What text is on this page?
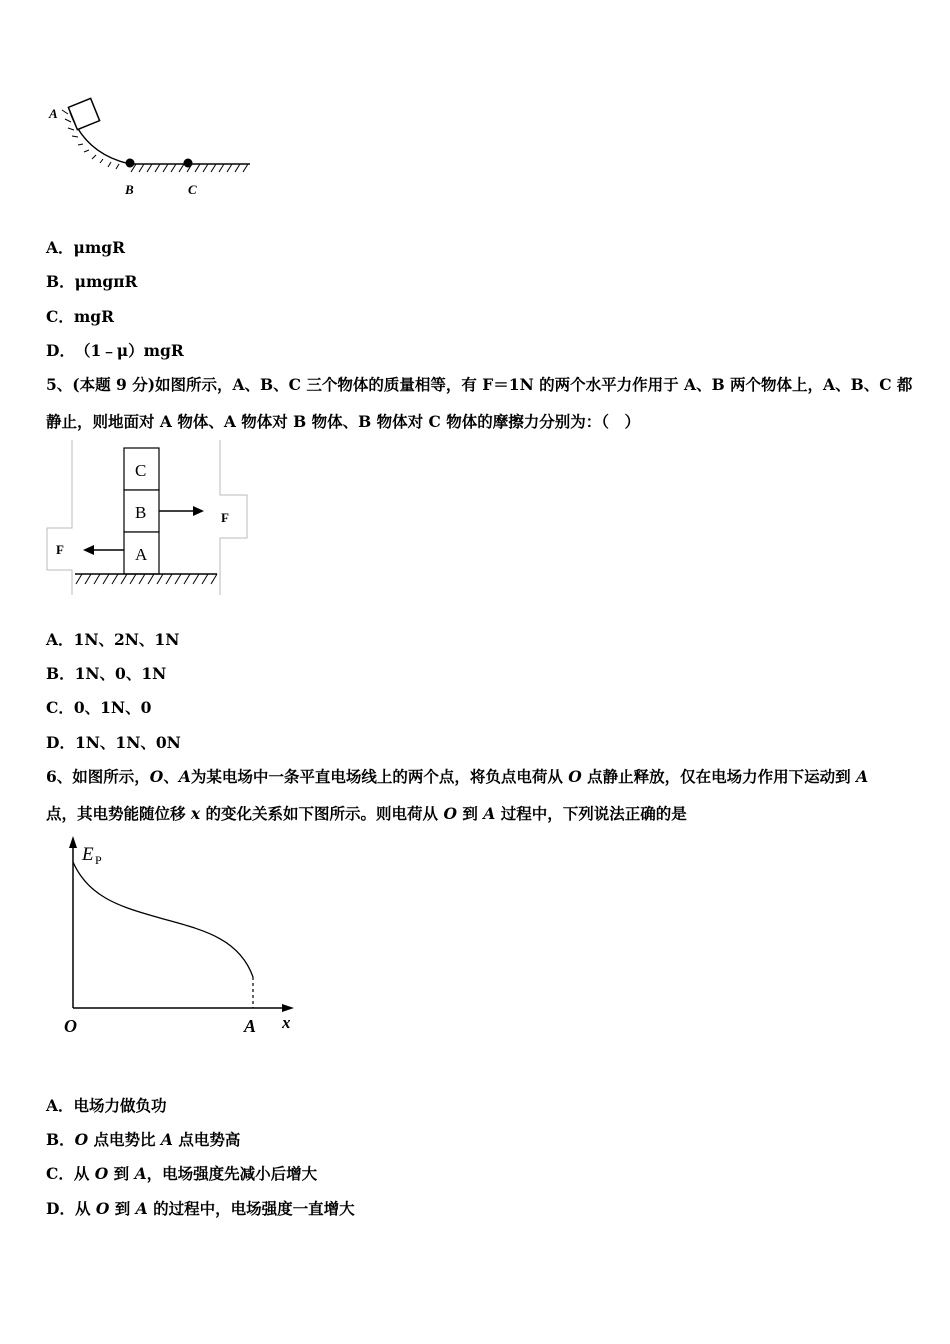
A
B	C
A．μmgR
B．μmgπR
C．mgR
D．（1﹣μ）mgR
5、(本题 9 分)如图所示，A、B、C 三个物体的质量相等，有 F＝1N 的两个水平力作用于 A、B 两个物体上，A、B、C 都
静止，则地面对 A 物体、A 物体对 B 物体、B 物体对 C 物体的摩擦力分别为：（　）
C
B
A
F
F
A．1N、2N、1N
B．1N、0、1N
C．0、1N、0
D．1N、1N、0N
6、如图所示，O、A为某电场中一条平直电场线上的两个点，将负点电荷从 O 点静止释放，仅在电场力作用下运动到 A
点，其电势能随位移 x 的变化关系如下图所示。则电荷从 O 到 A 过程中，下列说法正确的是
E P
O	A x
A．电场力做负功
B．O 点电势比 A 点电势高
C．从 O 到 A，电场强度先减小后增大
D．从 O 到 A 的过程中，电场强度一直增大
